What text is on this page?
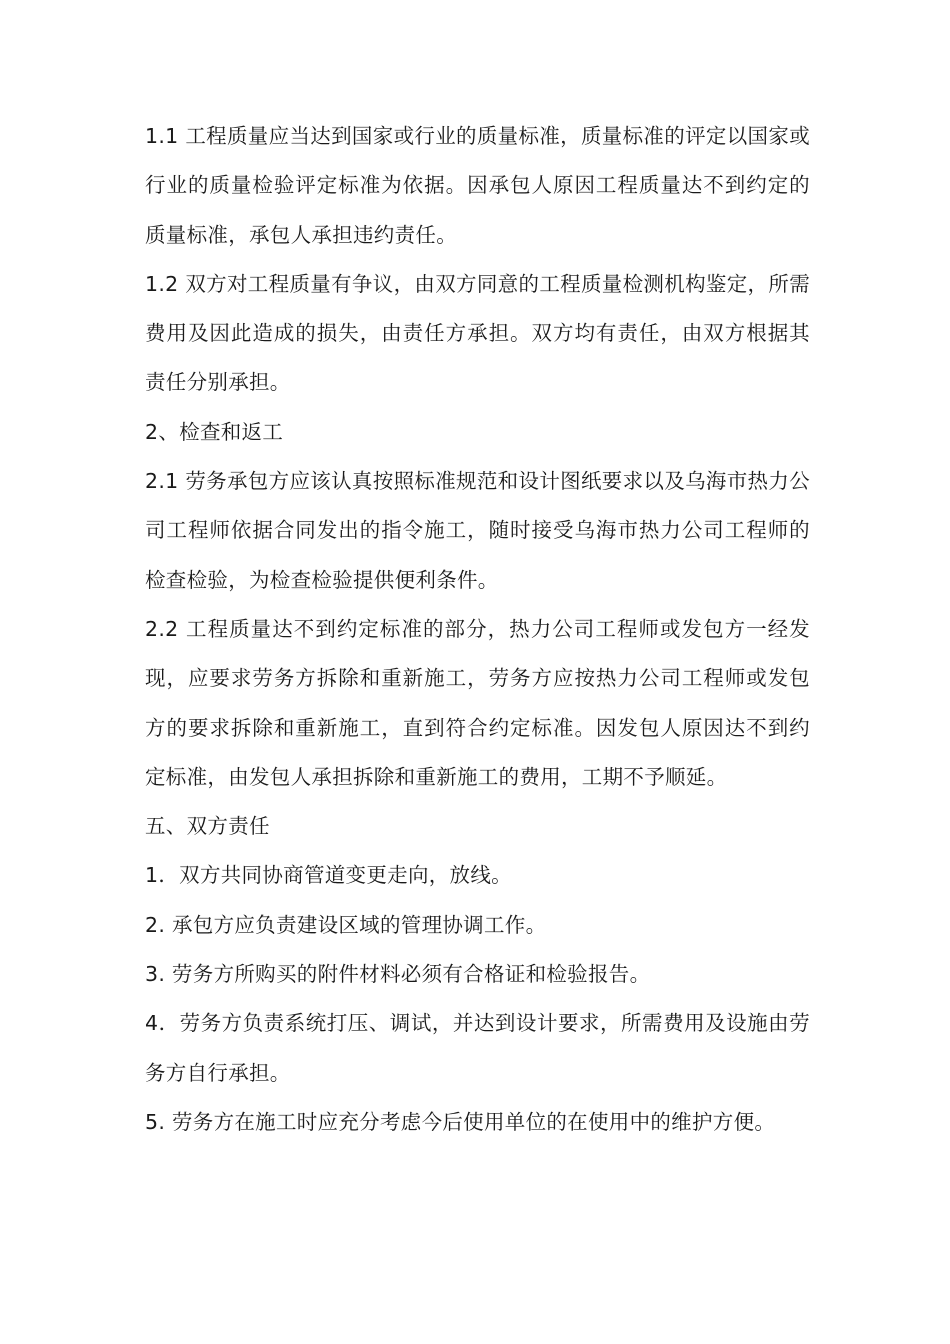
1.1 工程质量应当达到国家或行业的质量标准，质量标准的评定以国家或行业的质量检验评定标准为依据。因承包人原因工程质量达不到约定的质量标准，承包人承担违约责任。

1.2 双方对工程质量有争议，由双方同意的工程质量检测机构鉴定，所需费用及因此造成的损失，由责任方承担。双方均有责任，由双方根据其责任分别承担。

2、检查和返工

2.1 劳务承包方应该认真按照标准规范和设计图纸要求以及乌海市热力公司工程师依据合同发出的指令施工，随时接受乌海市热力公司工程师的检查检验，为检查检验提供便利条件。

2.2 工程质量达不到约定标准的部分，热力公司工程师或发包方一经发现，应要求劳务方拆除和重新施工，劳务方应按热力公司工程师或发包方的要求拆除和重新施工，直到符合约定标准。因发包人原因达不到约定标准，由发包人承担拆除和重新施工的费用，工期不予顺延。

五、双方责任

1．双方共同协商管道变更走向，放线。

2. 承包方应负责建设区域的管理协调工作。

3. 劳务方所购买的附件材料必须有合格证和检验报告。

4．劳务方负责系统打压、调试，并达到设计要求，所需费用及设施由劳务方自行承担。

5. 劳务方在施工时应充分考虑今后使用单位的在使用中的维护方便。
